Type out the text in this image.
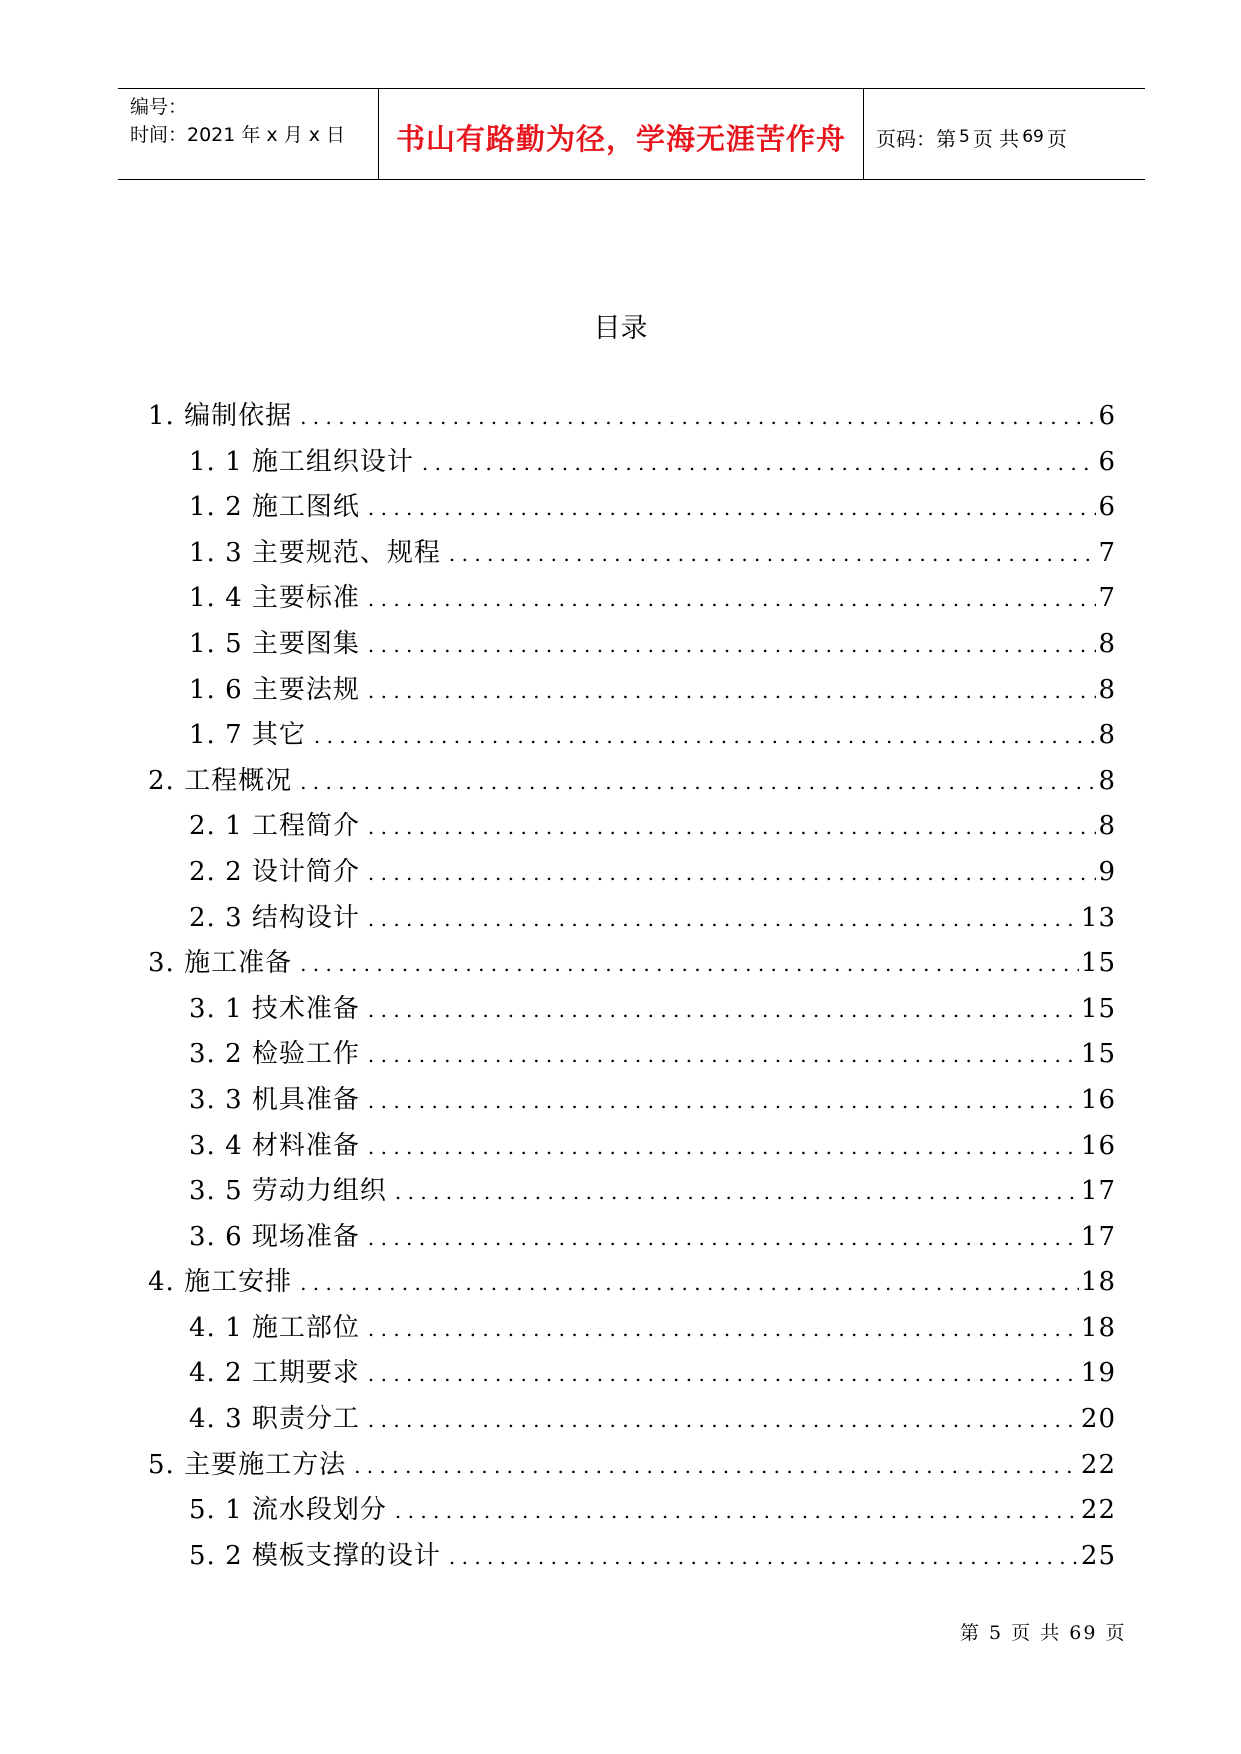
编号：
时间：2021 年 x 月 x 日	书山有路勤为径，学海无涯苦作舟	页码：第 5 页 共 69 页
目录
1. 编制依据 . . .	6
1. 1 施工组织设计 . . .	6
1. 2 施工图纸 . . .	6
1. 3 主要规范、规程 . . .	7
1. 4 主要标准 . . .	7
1. 5 主要图集 . . .	8
1. 6 主要法规 . . .	8
1. 7 其它 . . .	8
2. 工程概况 . . .	8
2. 1 工程简介 . . .	8
2. 2 设计简介 . . .	9
2. 3 结构设计 . . .	13
3. 施工准备 . . .	15
3. 1 技术准备 . . .	15
3. 2 检验工作 . . .	15
3. 3 机具准备 . . .	16
3. 4 材料准备 . . .	16
3. 5 劳动力组织 . . .	17
3. 6 现场准备 . . .	17
4. 施工安排 . . .	18
4. 1 施工部位 . . .	18
4. 2 工期要求 . . .	19
4. 3 职责分工 . . .	20
5. 主要施工方法 . . .	22
5. 1 流水段划分 . . .	22
5. 2 模板支撑的设计 . . .	25
第 5 页 共 69 页
